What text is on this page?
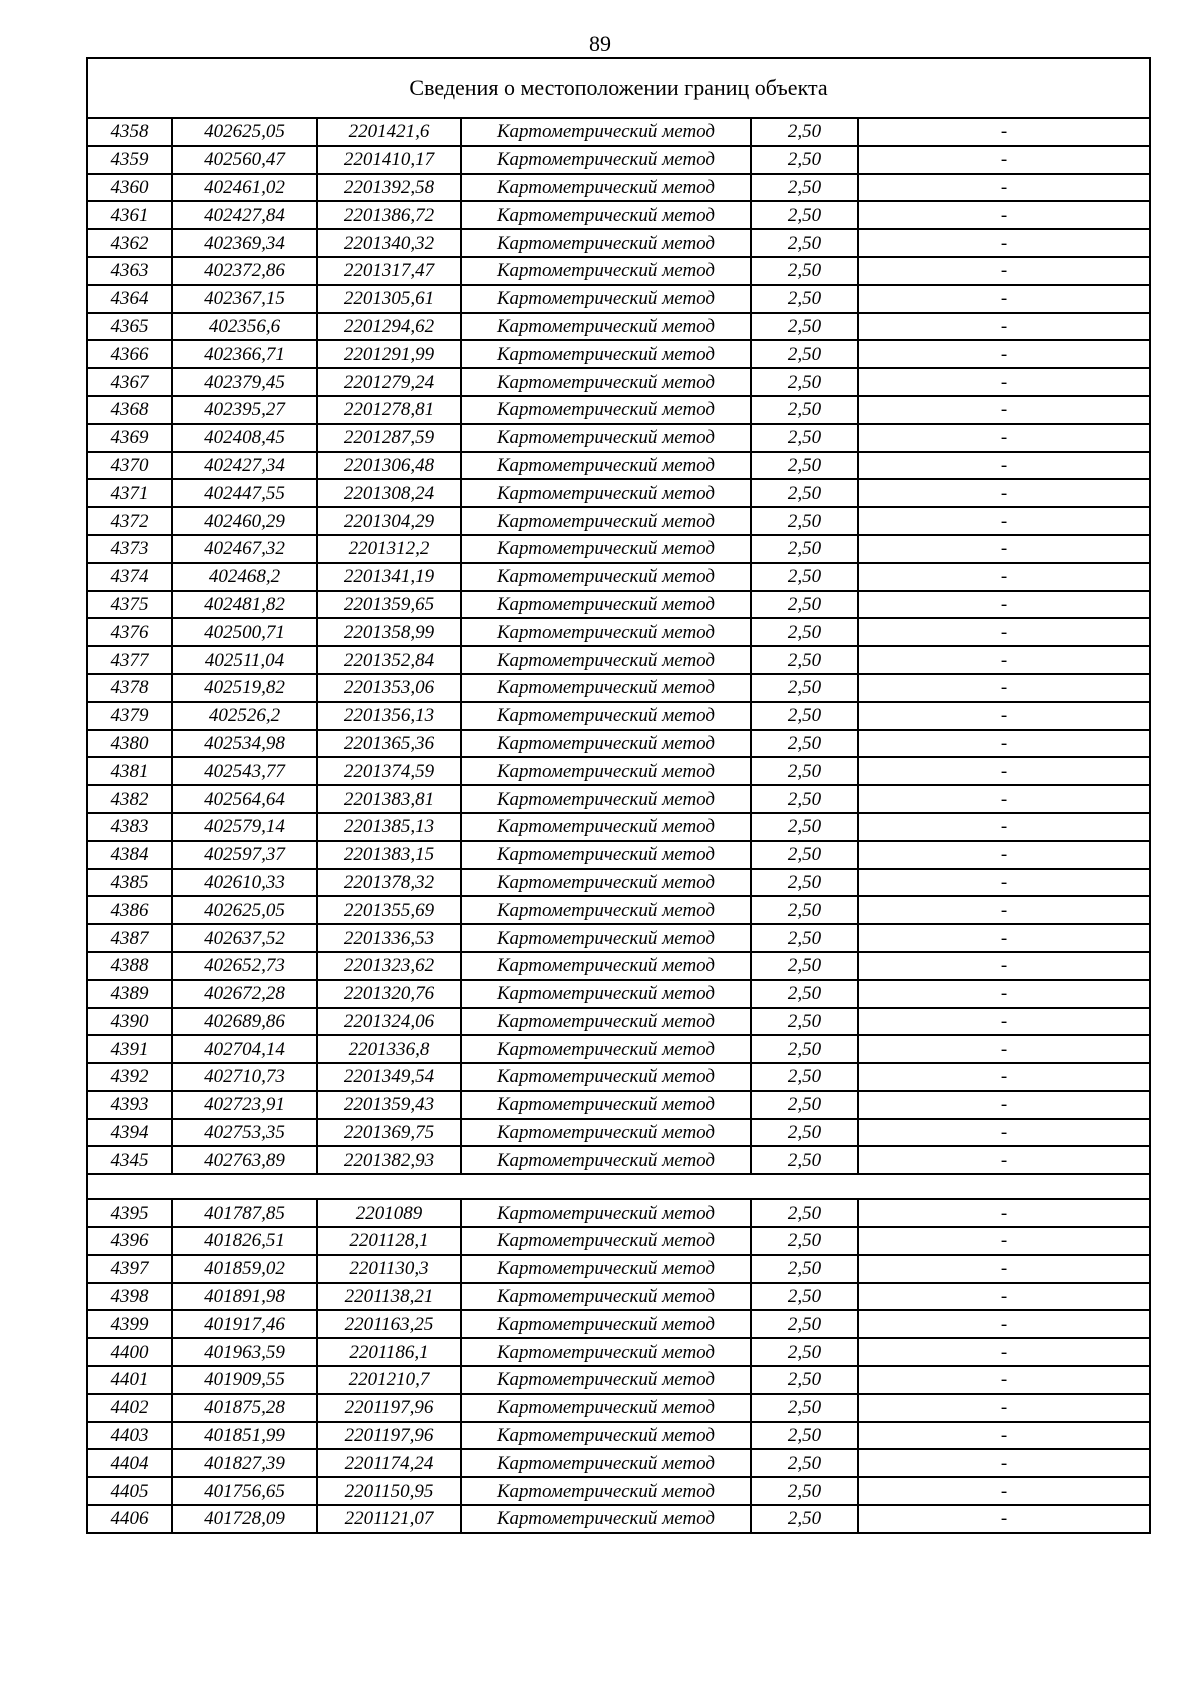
89
Сведения о местоположении границ объекта					
4358	402625,05	2201421,6	Картометрический метод	2,50	-
4359	402560,47	2201410,17	Картометрический метод	2,50	-
4360	402461,02	2201392,58	Картометрический метод	2,50	-
4361	402427,84	2201386,72	Картометрический метод	2,50	-
4362	402369,34	2201340,32	Картометрический метод	2,50	-
4363	402372,86	2201317,47	Картометрический метод	2,50	-
4364	402367,15	2201305,61	Картометрический метод	2,50	-
4365	402356,6	2201294,62	Картометрический метод	2,50	-
4366	402366,71	2201291,99	Картометрический метод	2,50	-
4367	402379,45	2201279,24	Картометрический метод	2,50	-
4368	402395,27	2201278,81	Картометрический метод	2,50	-
4369	402408,45	2201287,59	Картометрический метод	2,50	-
4370	402427,34	2201306,48	Картометрический метод	2,50	-
4371	402447,55	2201308,24	Картометрический метод	2,50	-
4372	402460,29	2201304,29	Картометрический метод	2,50	-
4373	402467,32	2201312,2	Картометрический метод	2,50	-
4374	402468,2	2201341,19	Картометрический метод	2,50	-
4375	402481,82	2201359,65	Картометрический метод	2,50	-
4376	402500,71	2201358,99	Картометрический метод	2,50	-
4377	402511,04	2201352,84	Картометрический метод	2,50	-
4378	402519,82	2201353,06	Картометрический метод	2,50	-
4379	402526,2	2201356,13	Картометрический метод	2,50	-
4380	402534,98	2201365,36	Картометрический метод	2,50	-
4381	402543,77	2201374,59	Картометрический метод	2,50	-
4382	402564,64	2201383,81	Картометрический метод	2,50	-
4383	402579,14	2201385,13	Картометрический метод	2,50	-
4384	402597,37	2201383,15	Картометрический метод	2,50	-
4385	402610,33	2201378,32	Картометрический метод	2,50	-
4386	402625,05	2201355,69	Картометрический метод	2,50	-
4387	402637,52	2201336,53	Картометрический метод	2,50	-
4388	402652,73	2201323,62	Картометрический метод	2,50	-
4389	402672,28	2201320,76	Картометрический метод	2,50	-
4390	402689,86	2201324,06	Картометрический метод	2,50	-
4391	402704,14	2201336,8	Картометрический метод	2,50	-
4392	402710,73	2201349,54	Картометрический метод	2,50	-
4393	402723,91	2201359,43	Картометрический метод	2,50	-
4394	402753,35	2201369,75	Картометрический метод	2,50	-
4345	402763,89	2201382,93	Картометрический метод	2,50	-

4395	401787,85	2201089	Картометрический метод	2,50	-
4396	401826,51	2201128,1	Картометрический метод	2,50	-
4397	401859,02	2201130,3	Картометрический метод	2,50	-
4398	401891,98	2201138,21	Картометрический метод	2,50	-
4399	401917,46	2201163,25	Картометрический метод	2,50	-
4400	401963,59	2201186,1	Картометрический метод	2,50	-
4401	401909,55	2201210,7	Картометрический метод	2,50	-
4402	401875,28	2201197,96	Картометрический метод	2,50	-
4403	401851,99	2201197,96	Картометрический метод	2,50	-
4404	401827,39	2201174,24	Картометрический метод	2,50	-
4405	401756,65	2201150,95	Картометрический метод	2,50	-
4406	401728,09	2201121,07	Картометрический метод	2,50	-
